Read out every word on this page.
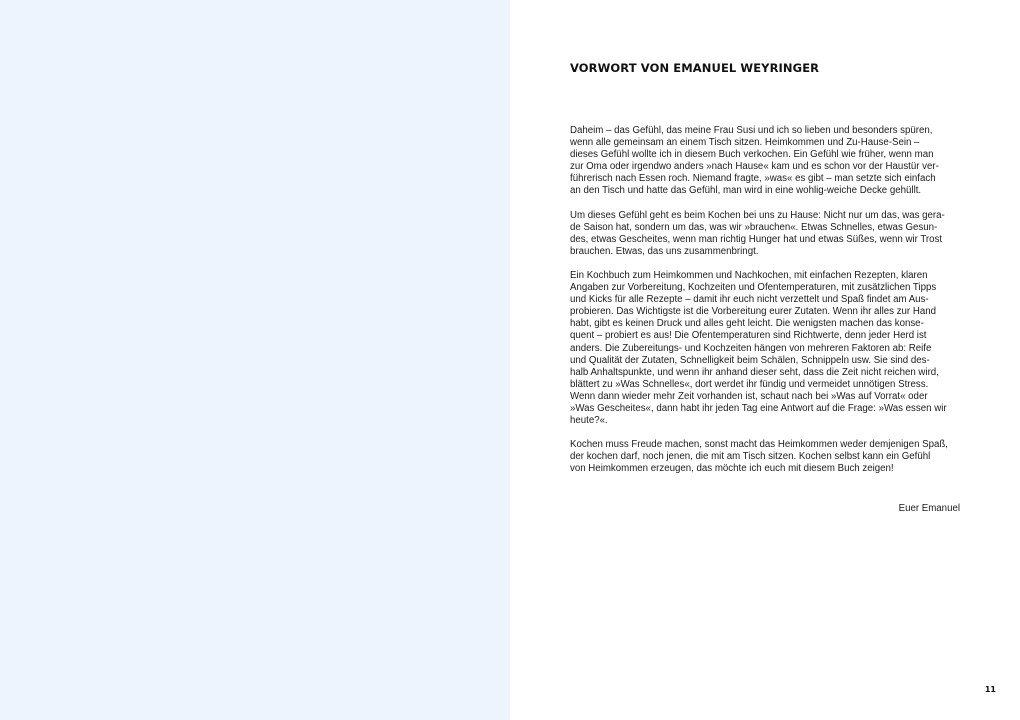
VORWORT VON EMANUEL WEYRINGER

Daheim – das Gefühl, das meine Frau Susi und ich so lieben und besonders spüren,
wenn alle gemeinsam an einem Tisch sitzen. Heimkommen und Zu-Hause-Sein –
dieses Gefühl wollte ich in diesem Buch verkochen. Ein Gefühl wie früher, wenn man
zur Oma oder irgendwo anders »nach Hause« kam und es schon vor der Haustür ver-
führerisch nach Essen roch. Niemand fragte, »was« es gibt – man setzte sich einfach
an den Tisch und hatte das Gefühl, man wird in eine wohlig-weiche Decke gehüllt.

Um dieses Gefühl geht es beim Kochen bei uns zu Hause: Nicht nur um das, was gera-
de Saison hat, sondern um das, was wir »brauchen«. Etwas Schnelles, etwas Gesun-
des, etwas Gescheites, wenn man richtig Hunger hat und etwas Süßes, wenn wir Trost
brauchen. Etwas, das uns zusammenbringt.

Ein Kochbuch zum Heimkommen und Nachkochen, mit einfachen Rezepten, klaren
Angaben zur Vorbereitung, Kochzeiten und Ofentemperaturen, mit zusätzlichen Tipps
und Kicks für alle Rezepte – damit ihr euch nicht verzettelt und Spaß findet am Aus-
probieren. Das Wichtigste ist die Vorbereitung eurer Zutaten. Wenn ihr alles zur Hand
habt, gibt es keinen Druck und alles geht leicht. Die wenigsten machen das konse-
quent – probiert es aus! Die Ofentemperaturen sind Richtwerte, denn jeder Herd ist
anders. Die Zubereitungs- und Kochzeiten hängen von mehreren Faktoren ab: Reife
und Qualität der Zutaten, Schnelligkeit beim Schälen, Schnippeln usw. Sie sind des-
halb Anhaltspunkte, und wenn ihr anhand dieser seht, dass die Zeit nicht reichen wird,
blättert zu »Was Schnelles«, dort werdet ihr fündig und vermeidet unnötigen Stress.
Wenn dann wieder mehr Zeit vorhanden ist, schaut nach bei »Was auf Vorrat« oder
»Was Gescheites«, dann habt ihr jeden Tag eine Antwort auf die Frage: »Was essen wir
heute?«.

Kochen muss Freude machen, sonst macht das Heimkommen weder demjenigen Spaß,
der kochen darf, noch jenen, die mit am Tisch sitzen. Kochen selbst kann ein Gefühl
von Heimkommen erzeugen, das möchte ich euch mit diesem Buch zeigen!

Euer Emanuel
11
